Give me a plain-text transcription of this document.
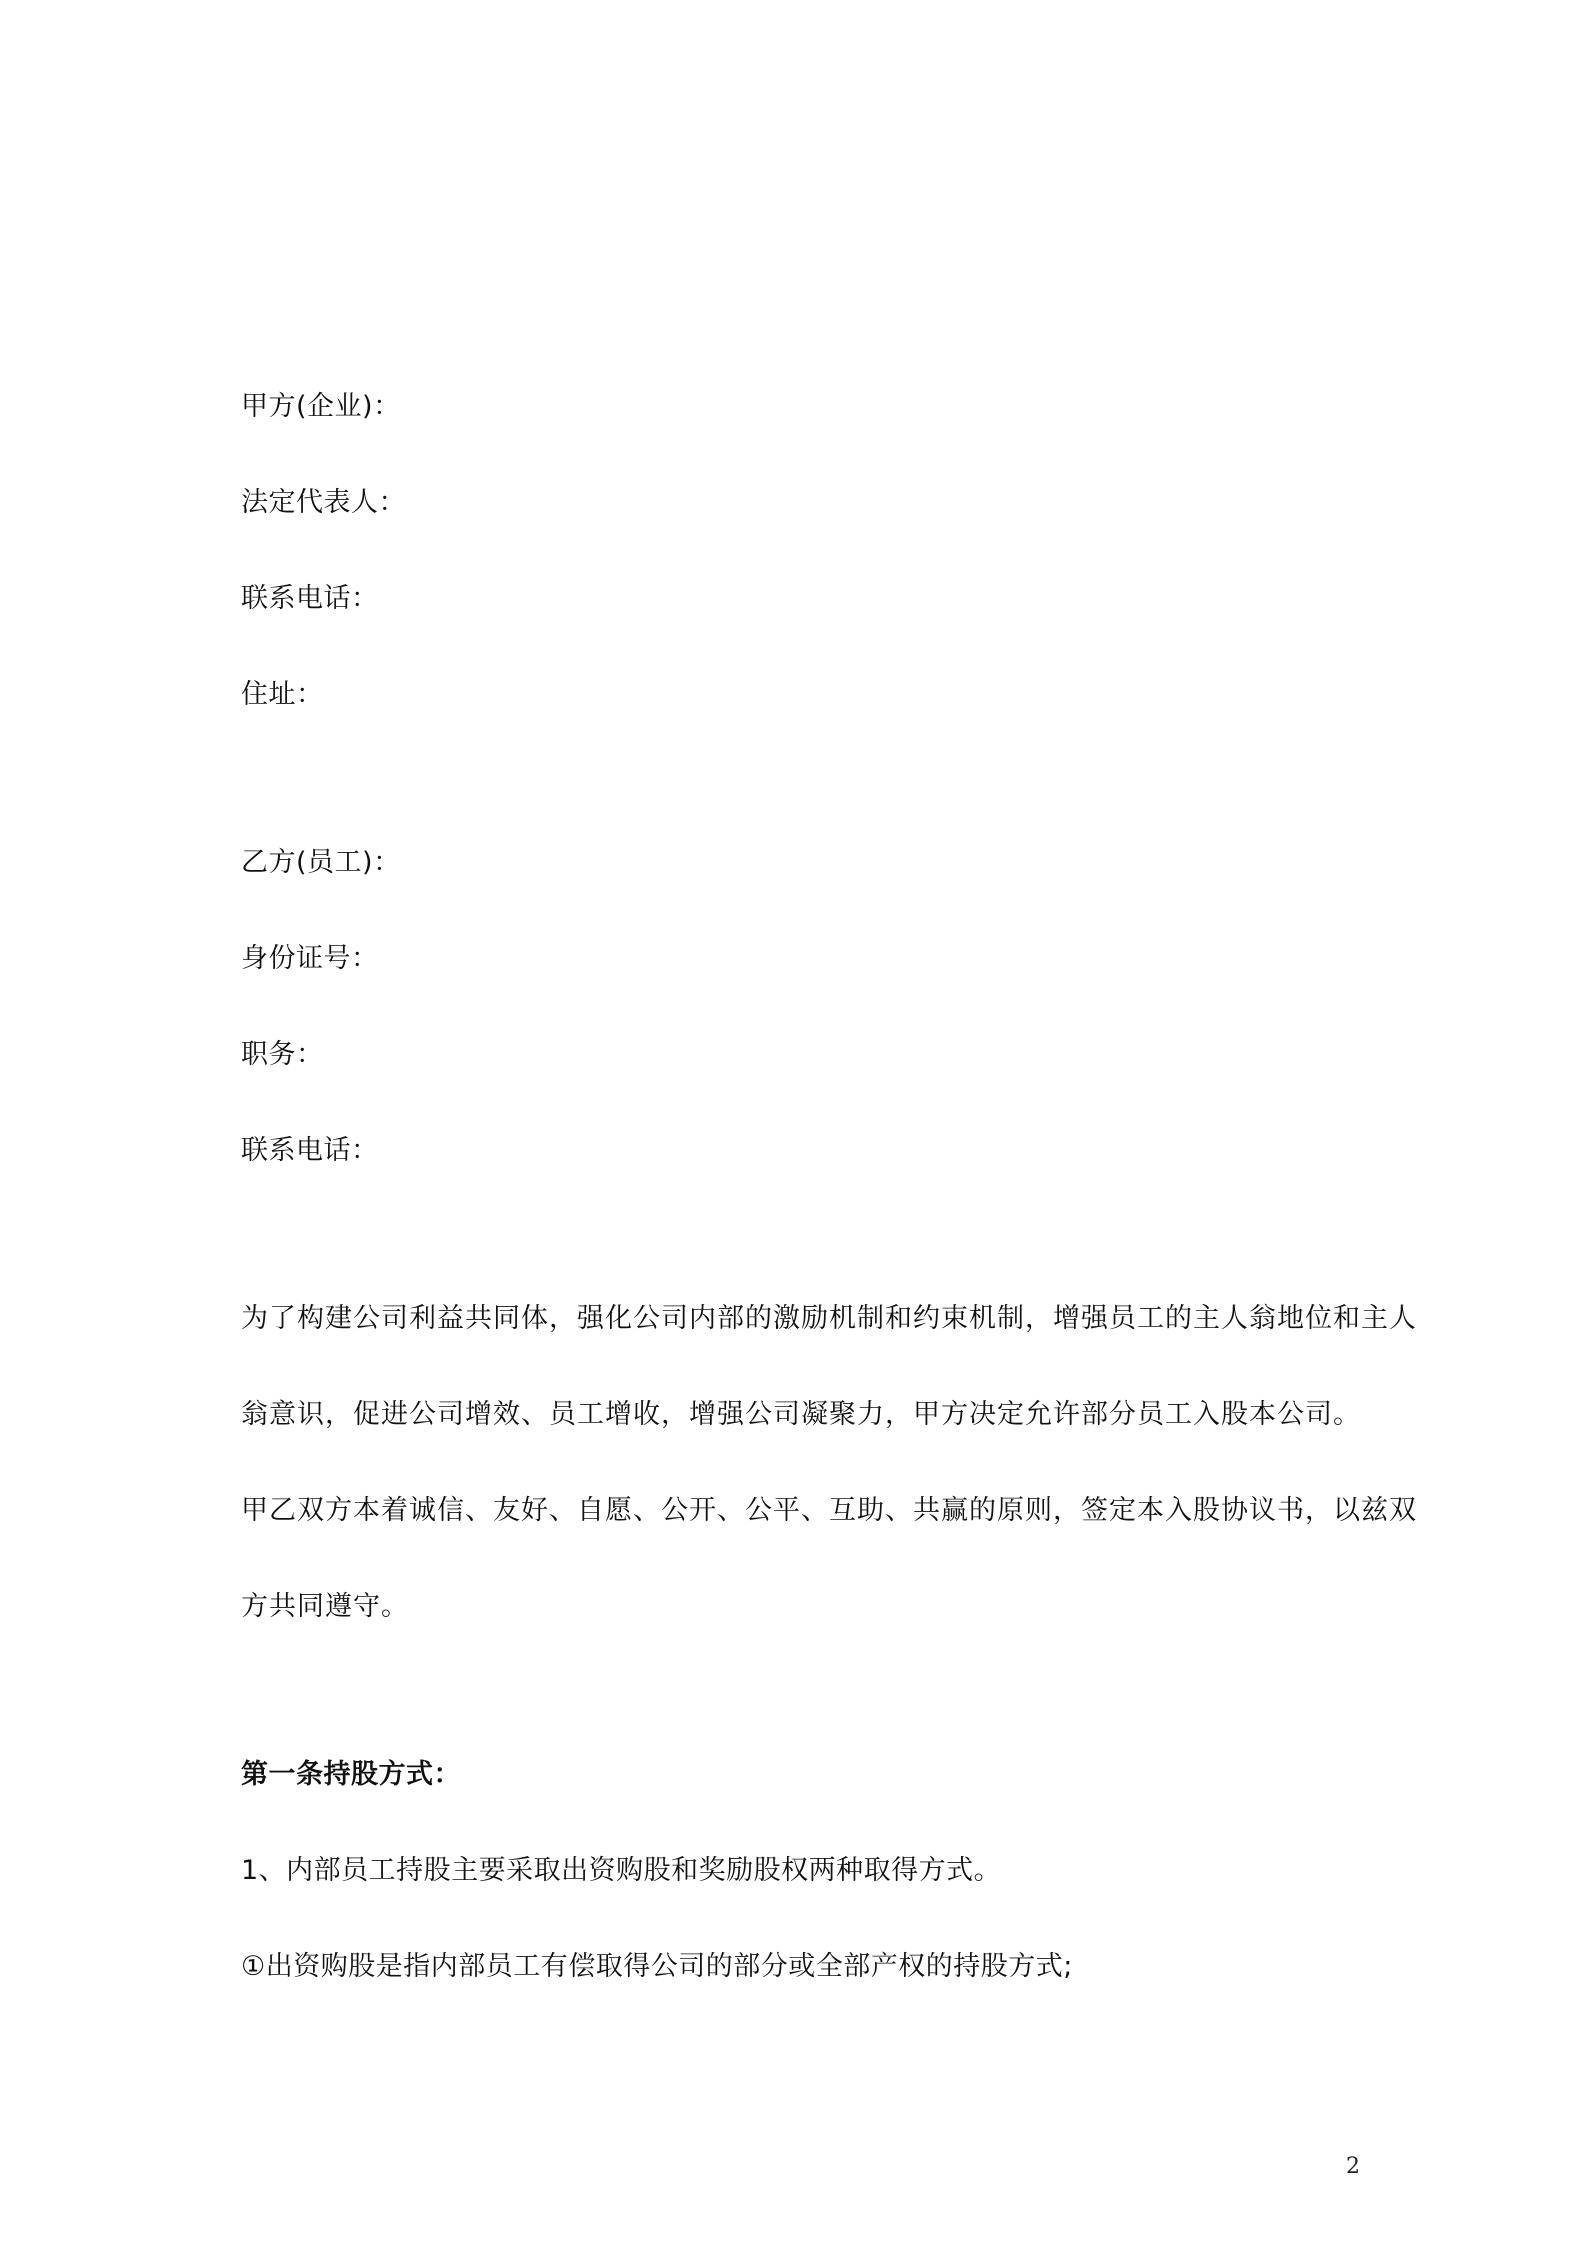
甲方(企业)：
法定代表人：
联系电话：
住址：
乙方(员工)：
身份证号：
职务：
联系电话：
为了构建公司利益共同体，强化公司内部的激励机制和约束机制，增强员工的主人翁地位和主人
翁意识，促进公司增效、员工增收，增强公司凝聚力，甲方决定允许部分员工入股本公司。
甲乙双方本着诚信、友好、自愿、公开、公平、互助、共赢的原则，签定本入股协议书，以兹双
方共同遵守。
第一条持股方式：
1、内部员工持股主要采取出资购股和奖励股权两种取得方式。
①出资购股是指内部员工有偿取得公司的部分或全部产权的持股方式;
2
